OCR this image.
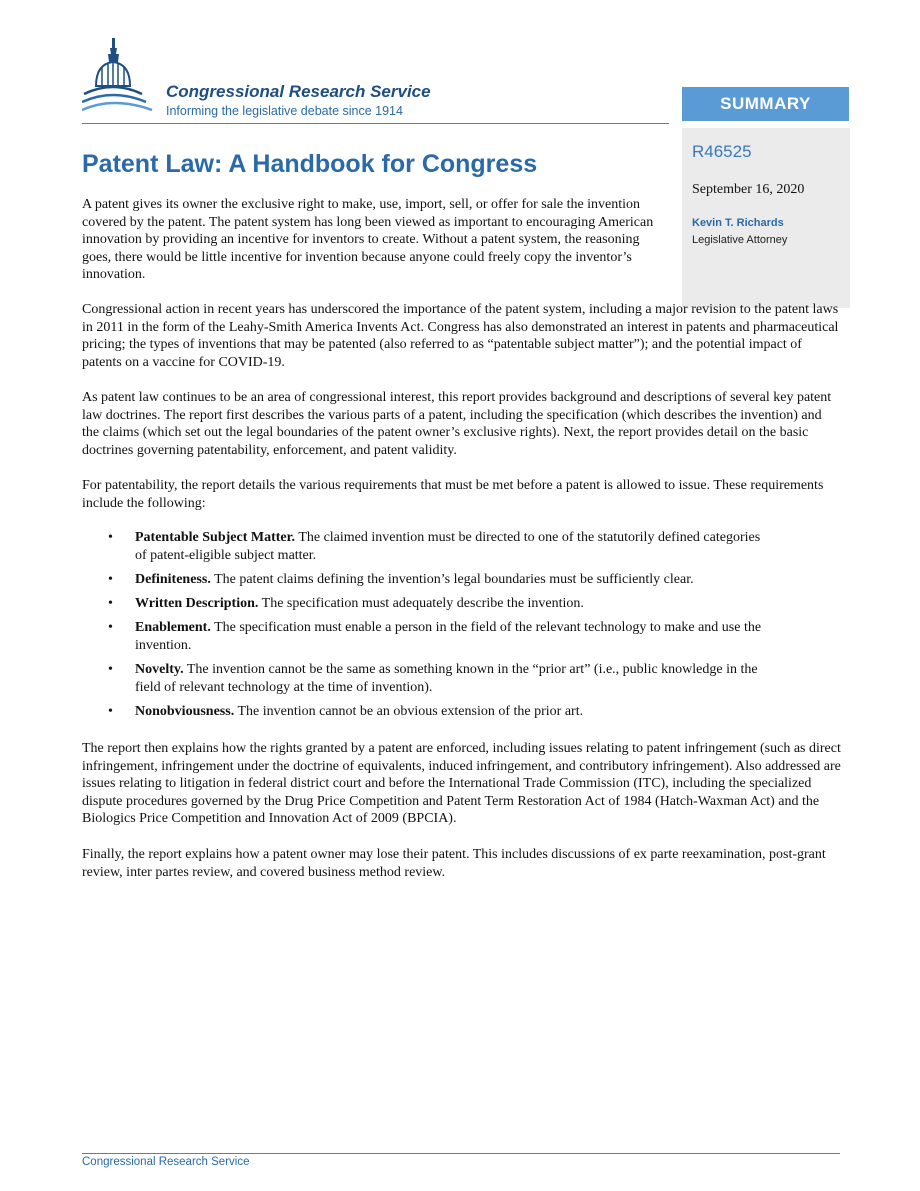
Congressional Research Service
Informing the legislative debate since 1914	SUMMARY
R46525
September 16, 2020
Kevin T. Richards
Legislative Attorney
Patent Law: A Handbook for Congress

A patent gives its owner the exclusive right to make, use, import, sell, or offer for sale the invention covered by the patent. The patent system has long been viewed as important to encouraging American innovation by providing an incentive for inventors to create. Without a patent system, the reasoning goes, there would be little incentive for invention because anyone could freely copy the inventor’s innovation.

Congressional action in recent years has underscored the importance of the patent system, including a major revision to the patent laws in 2011 in the form of the Leahy-Smith America Invents Act. Congress has also demonstrated an interest in patents and pharmaceutical pricing; the types of inventions that may be patented (also referred to as “patentable subject matter”); and the potential impact of patents on a vaccine for COVID-19.

As patent law continues to be an area of congressional interest, this report provides background and descriptions of several key patent law doctrines. The report first describes the various parts of a patent, including the specification (which describes the invention) and the claims (which set out the legal boundaries of the patent owner’s exclusive rights). Next, the report provides detail on the basic doctrines governing patentability, enforcement, and patent validity.

For patentability, the report details the various requirements that must be met before a patent is allowed to issue. These requirements include the following:

• Patentable Subject Matter. The claimed invention must be directed to one of the statutorily defined categories of patent-eligible subject matter.
• Definiteness. The patent claims defining the invention’s legal boundaries must be sufficiently clear.
• Written Description. The specification must adequately describe the invention.
• Enablement. The specification must enable a person in the field of the relevant technology to make and use the invention.
• Novelty. The invention cannot be the same as something known in the “prior art” (i.e., public knowledge in the field of relevant technology at the time of invention).
• Nonobviousness. The invention cannot be an obvious extension of the prior art.

The report then explains how the rights granted by a patent are enforced, including issues relating to patent infringement (such as direct infringement, infringement under the doctrine of equivalents, induced infringement, and contributory infringement). Also addressed are issues relating to litigation in federal district court and before the International Trade Commission (ITC), including the specialized dispute procedures governed by the Drug Price Competition and Patent Term Restoration Act of 1984 (Hatch-Waxman Act) and the Biologics Price Competition and Innovation Act of 2009 (BPCIA).

Finally, the report explains how a patent owner may lose their patent. This includes discussions of ex parte reexamination, post-grant review, inter partes review, and covered business method review.

Congressional Research Service
